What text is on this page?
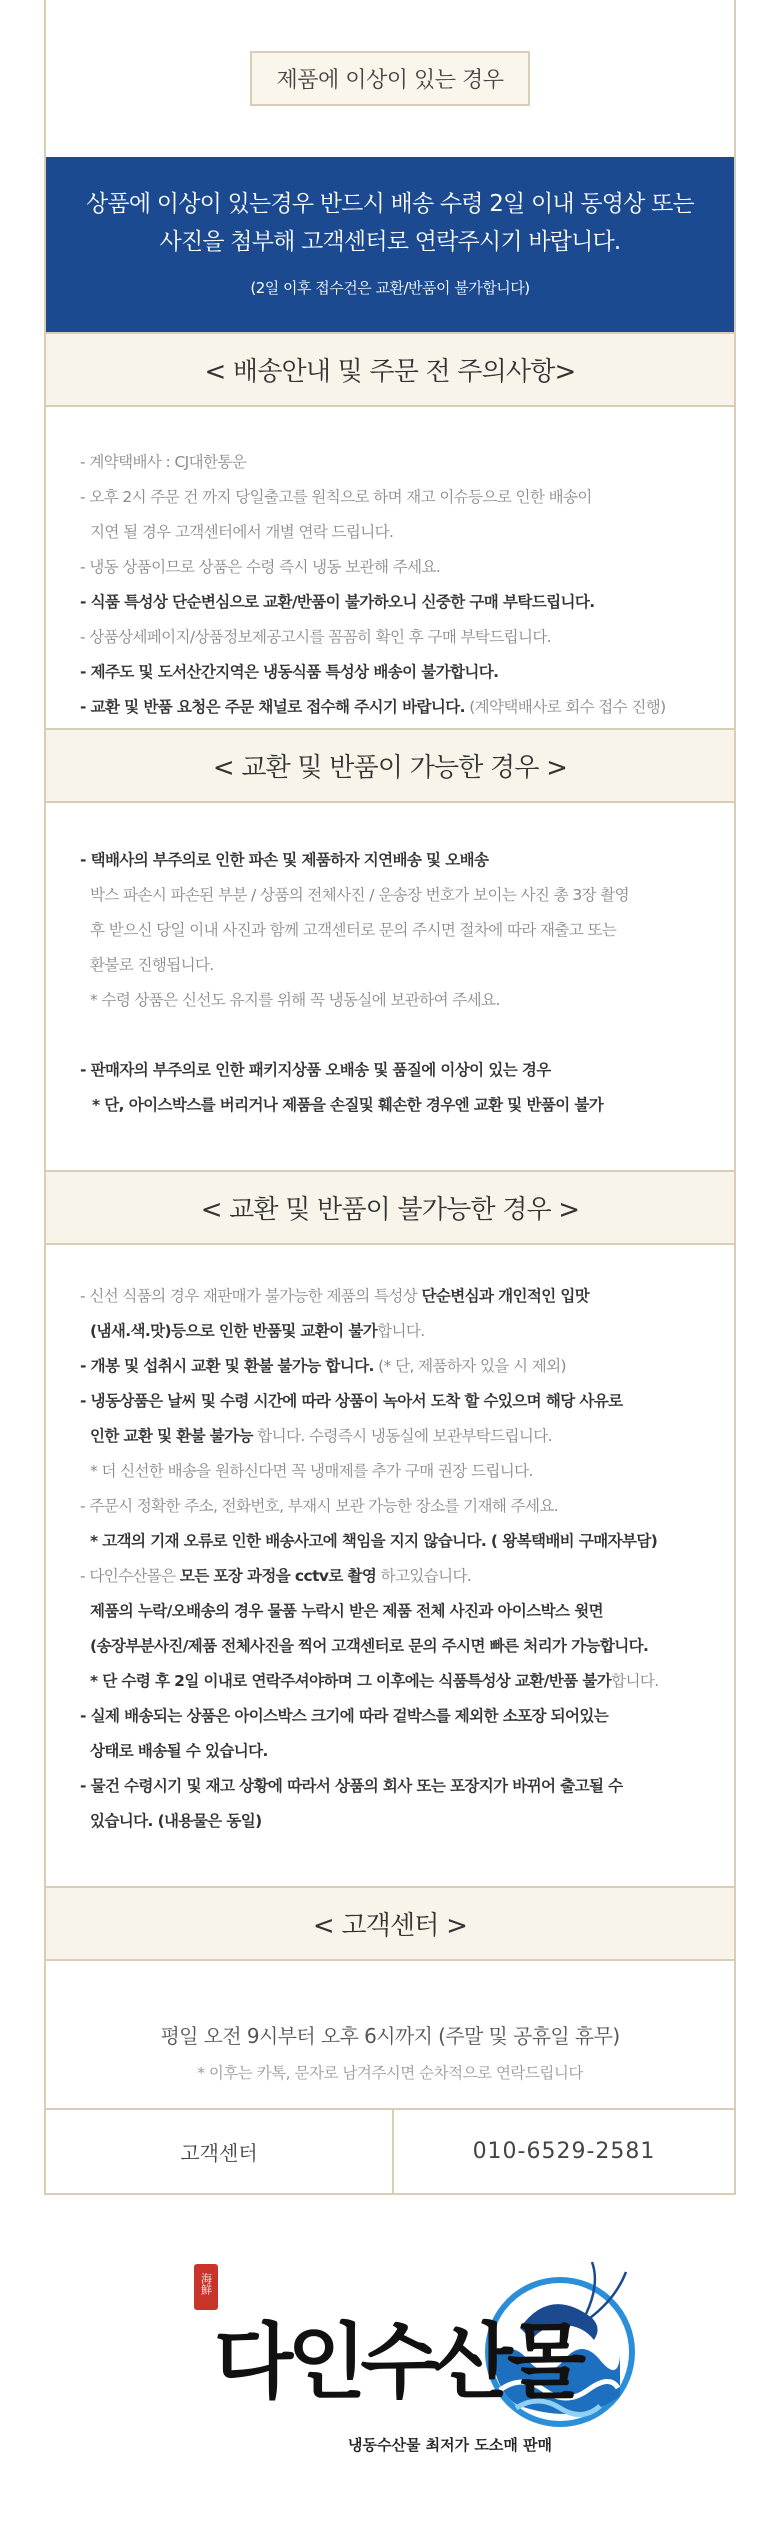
제품에 이상이 있는 경우
상품에 이상이 있는경우 반드시 배송 수령 2일 이내 동영상 또는
사진을 첨부해 고객센터로 연락주시기 바랍니다.
(2일 이후 접수건은 교환/반품이 불가합니다)
< 배송안내 및 주문 전 주의사항>
- 계약택배사 : CJ대한통운
- 오후 2시 주문 건 까지 당일출고를 원칙으로 하며 재고 이슈등으로 인한 배송이
지연 될 경우 고객센터에서 개별 연락 드립니다.
- 냉동 상품이므로 상품은 수령 즉시 냉동 보관해 주세요.
- 식품 특성상 단순변심으로 교환/반품이 불가하오니 신중한 구매 부탁드립니다.
- 상품상세페이지/상품정보제공고시를 꼼꼼히 확인 후 구매 부탁드립니다.
- 제주도 및 도서산간지역은 냉동식품 특성상 배송이 불가합니다.
- 교환 및 반품 요청은 주문 채널로 접수해 주시기 바랍니다. (계약택배사로 회수 접수 진행)
< 교환 및 반품이 가능한 경우 >
- 택배사의 부주의로 인한 파손 및 제품하자 지연배송 및 오배송
박스 파손시 파손된 부분 / 상품의 전체사진 / 운송장 번호가 보이는 사진 총 3장 촬영
후 받으신 당일 이내 사진과 함께 고객센터로 문의 주시면 절차에 따라 재출고 또는
환불로 진행됩니다.
* 수령 상품은 신선도 유지를 위해 꼭 냉동실에 보관하여 주세요.
- 판매자의 부주의로 인한 패키지상품 오배송 및 품질에 이상이 있는 경우
* 단, 아이스박스를 버리거나 제품을 손질및 훼손한 경우엔 교환 및 반품이 불가
< 교환 및 반품이 불가능한 경우 >
- 신선 식품의 경우 재판매가 불가능한 제품의 특성상 단순변심과 개인적인 입맛
(냄새.색.맛)등으로 인한 반품및 교환이 불가합니다.
- 개봉 및 섭취시 교환 및 환불 불가능 합니다. (* 단, 제품하자 있을 시 제외)
- 냉동상품은 날씨 및 수령 시간에 따라 상품이 녹아서 도착 할 수있으며 해당 사유로
인한 교환 및 환불 불가능 합니다. 수령즉시 냉동실에 보관부탁드립니다.
* 더 신선한 배송을 원하신다면 꼭 냉매제를 추가 구매 권장 드립니다.
- 주문시 정확한 주소, 전화번호, 부재시 보관 가능한 장소를 기재해 주세요.
* 고객의 기재 오류로 인한 배송사고에 책임을 지지 않습니다. ( 왕복택배비 구매자부담)
- 다인수산몰은 모든 포장 과정을 cctv로 촬영 하고있습니다.
제품의 누락/오배송의 경우 물품 누락시 받은 제품 전체 사진과 아이스박스 윗면
(송장부분사진/제품 전체사진을 찍어 고객센터로 문의 주시면 빠른 처리가 가능합니다.
* 단 수령 후 2일 이내로 연락주셔야하며 그 이후에는 식품특성상 교환/반품 불가합니다.
- 실제 배송되는 상품은 아이스박스 크기에 따라 겉박스를 제외한 소포장 되어있는
상태로 배송될 수 있습니다.
- 물건 수령시기 및 재고 상황에 따라서 상품의 회사 또는 포장지가 바뀌어 출고될 수
있습니다. (내용물은 동일)
< 고객센터 >
평일 오전 9시부터 오후 6시까지 (주말 및 공휴일 휴무)
* 이후는 카톡, 문자로 남겨주시면 순차적으로 연락드립니다
고객센터	010-6529-2581
海鮮
다인수산몰
냉동수산물 최저가 도소매 판매
